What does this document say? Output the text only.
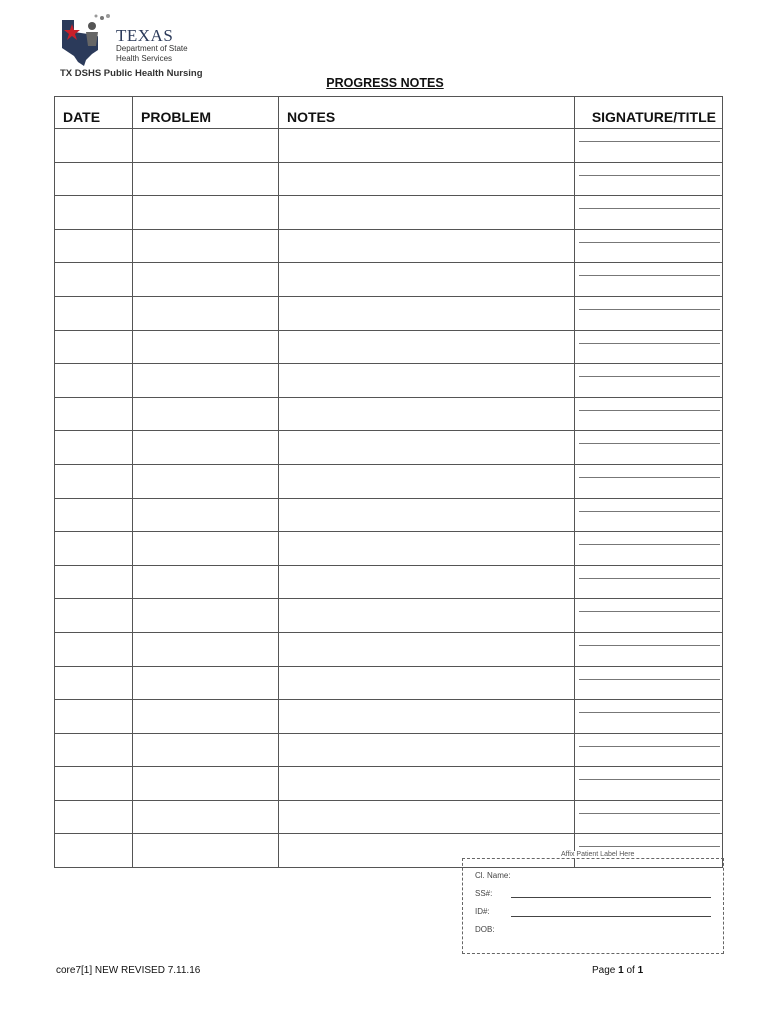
TEXAS
Department of State Health Services
TX DSHS Public Health Nursing
PROGRESS NOTES
DATE	PROBLEM	NOTES	SIGNATURE/TITLE

Affix Patient Label Here
Cl. Name:
SS#:
ID#:
DOB:
core7[1] NEW REVISED 7.11.16	Page 1 of 1
